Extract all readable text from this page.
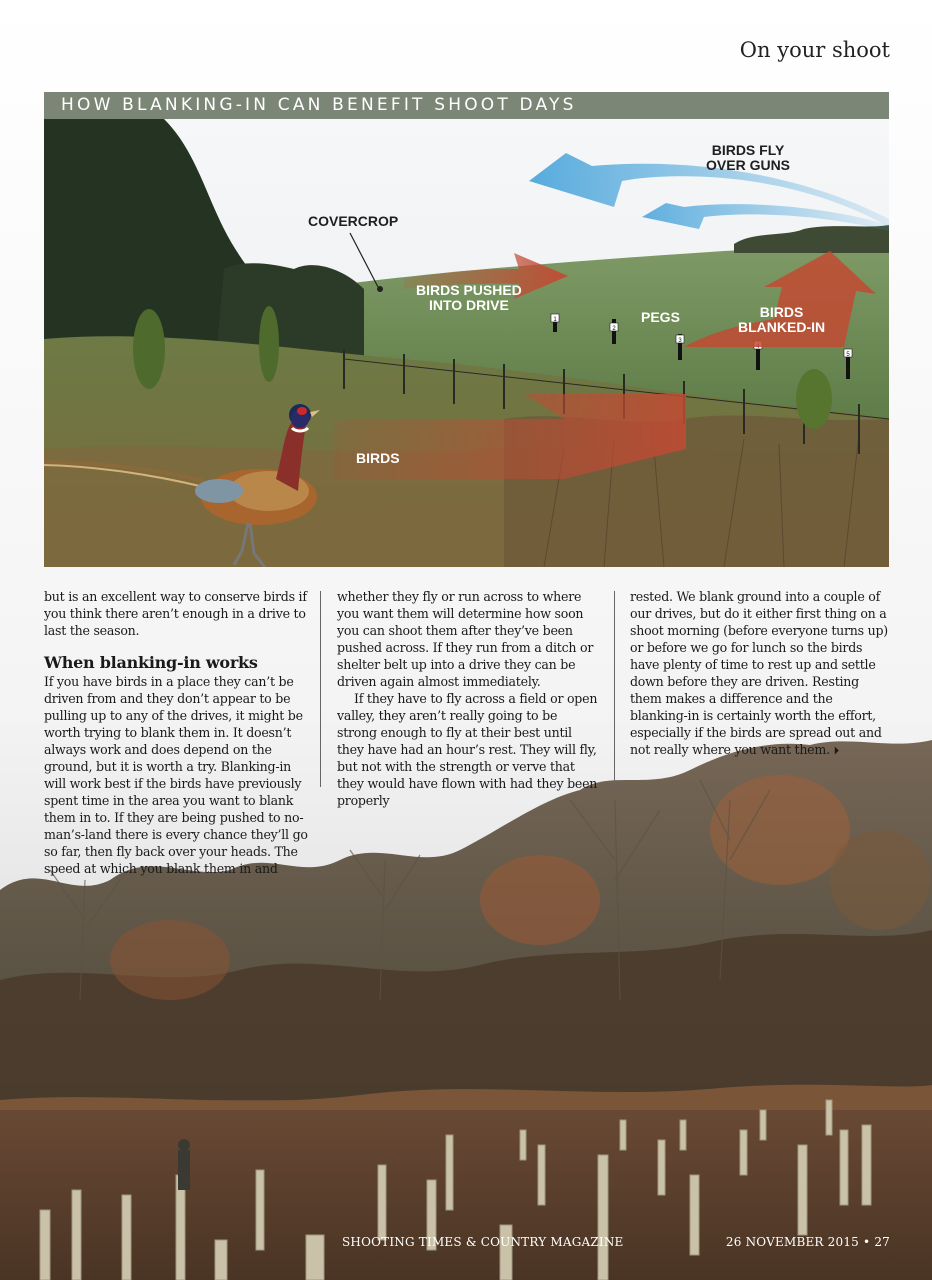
On your shoot
HOW BLANKING-IN CAN BENEFIT SHOOT DAYS
1
2
3
5
COVERCROP
BIRDS FLY
OVER GUNS
BIRDS PUSHED
INTO DRIVE
PEGS	BIRDS
BLANKED-IN
BIRDS

but is an excellent way to conserve birds if you think there aren’t enough in a drive to last the season.

When blanking-in works

If you have birds in a place they can’t be driven from and they don’t appear to be pulling up to any of the drives, it might be worth trying to blank them in. It doesn’t always work and does depend on the ground, but it is worth a try. Blanking-in will work best if the birds have previously spent time in the area you want to blank them in to. If they are being pushed to no-man’s-land there is every chance they’ll go so far, then fly back over your heads. The speed at which you blank them in and

whether they fly or run across to where you want them will determine how soon you can shoot them after they’ve been pushed across. If they run from a ditch or shelter belt up into a drive they can be driven again almost immediately.

If they have to fly across a field or open valley, they aren’t really going to be strong enough to fly at their best until they have had an hour’s rest. They will fly, but not with the strength or verve that they would have flown with had they been properly

rested. We blank ground into a couple of our drives, but do it either first thing on a shoot morning (before everyone turns up) or before we go for lunch so the birds have plenty of time to rest up and settle down before they are driven. Resting them makes a difference and the blanking-in is certainly worth the effort, especially if the birds are spread out and not really where you want them. ⏵

SHOOTING TIMES & COUNTRY MAGAZINE	26 NOVEMBER 2015 • 27
